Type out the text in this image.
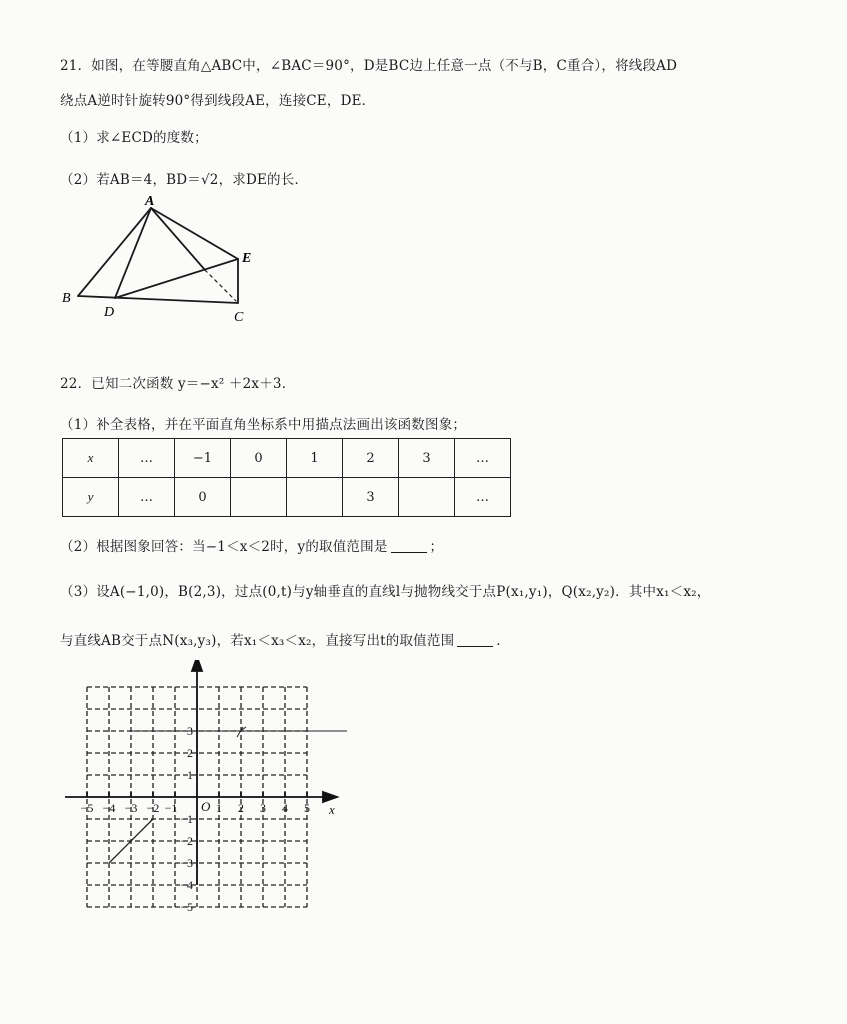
21．如图，在等腰直角△ABC中，∠BAC＝90°，D是BC边上任意一点（不与B，C重合），将线段AD
绕点A逆时针旋转90°得到线段AE，连接CE，DE．
（1）求∠ECD的度数；
（2）若AB＝4，BD＝√2，求DE的长．
A
B
D	C
E
22．已知二次函数 y＝−x² ＋2x＋3．
（1）补全表格，并在平面直角坐标系中用描点法画出该函数图象；
x	…	−1	0	1	2	3	…
y	…	0			3		…
（2）根据图象回答：当−1＜x＜2时，y的取值范围是	；
（3）设A(−1,0)，B(2,3)，过点(0,t)与y轴垂直的直线l与抛物线交于点P(x₁,y₁)，Q(x₂,y₂)．其中x₁＜x₂，
与直线AB交于点N(x₃,y₃)，若x₁＜x₃＜x₂，直接写出t的取值范围	．
−5 −4 −3 −2 −1	1 2 3 4 5
1
2
3
−1
−2
−3
−4
−5
O	x
